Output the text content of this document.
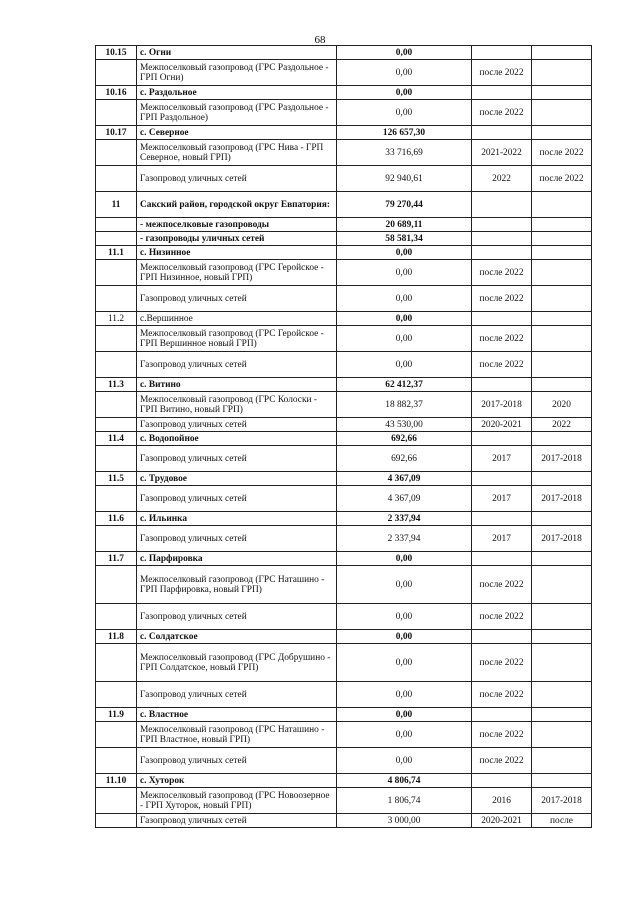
68
10.15	с. Огни	0,00		
	Межпоселковый газопровод (ГРС Раздольное - ГРП Огни)	0,00	после 2022	
10.16	с. Раздольное	0,00		
	Межпоселковый газопровод (ГРС Раздольное - ГРП Раздольное)	0,00	после 2022	
10.17	с. Северное	126 657,30		
	Межпоселковый газопровод (ГРС Нива - ГРП Северное, новый ГРП)	33 716,69	2021-2022	после 2022
	Газопровод уличных сетей	92 940,61	2022	после 2022
11	Сакский район, городской округ Евпатория:	79 270,44		
	- межпоселковые газопроводы	20 689,11		
	- газопроводы уличных сетей	58 581,34		
11.1	с. Низинное	0,00		
	Межпоселковый газопровод (ГРС Геройское - ГРП Низинное, новый ГРП)	0,00	после 2022	
	Газопровод уличных сетей	0,00	после 2022	
11.2	с.Вершинное	0,00		
	Межпоселковый газопровод (ГРС Геройское - ГРП Вершинное новый ГРП)	0,00	после 2022	
	Газопровод уличных сетей	0,00	после 2022	
11.3	с. Витино	62 412,37		
	Межпоселковый газопровод (ГРС Колоски - ГРП Витино, новый ГРП)	18 882,37	2017-2018	2020
	Газопровод уличных сетей	43 530,00	2020-2021	2022
11.4	с. Водопойное	692,66		
	Газопровод уличных сетей	692,66	2017	2017-2018
11.5	с. Трудовое	4 367,09		
	Газопровод уличных сетей	4 367,09	2017	2017-2018
11.6	с. Ильинка	2 337,94		
	Газопровод уличных сетей	2 337,94	2017	2017-2018
11.7	с. Парфировка	0,00		
	Межпоселковый газопровод (ГРС Наташино - ГРП Парфировка, новый ГРП)	0,00	после 2022	
	Газопровод уличных сетей	0,00	после 2022	
11.8	с. Солдатское	0,00		
	Межпоселковый газопровод (ГРС Добрушино - ГРП Солдатское, новый ГРП)	0,00	после 2022	
	Газопровод уличных сетей	0,00	после 2022	
11.9	с. Властное	0,00		
	Межпоселковый газопровод (ГРС Наташино - ГРП Властное, новый ГРП)	0,00	после 2022	
	Газопровод уличных сетей	0,00	после 2022	
11.10	с. Хуторок	4 806,74		
	Межпоселковый газопровод (ГРС Новоозерное - ГРП Хуторок, новый ГРП)	1 806,74	2016	2017-2018
	Газопровод уличных сетей	3 000,00	2020-2021	после
